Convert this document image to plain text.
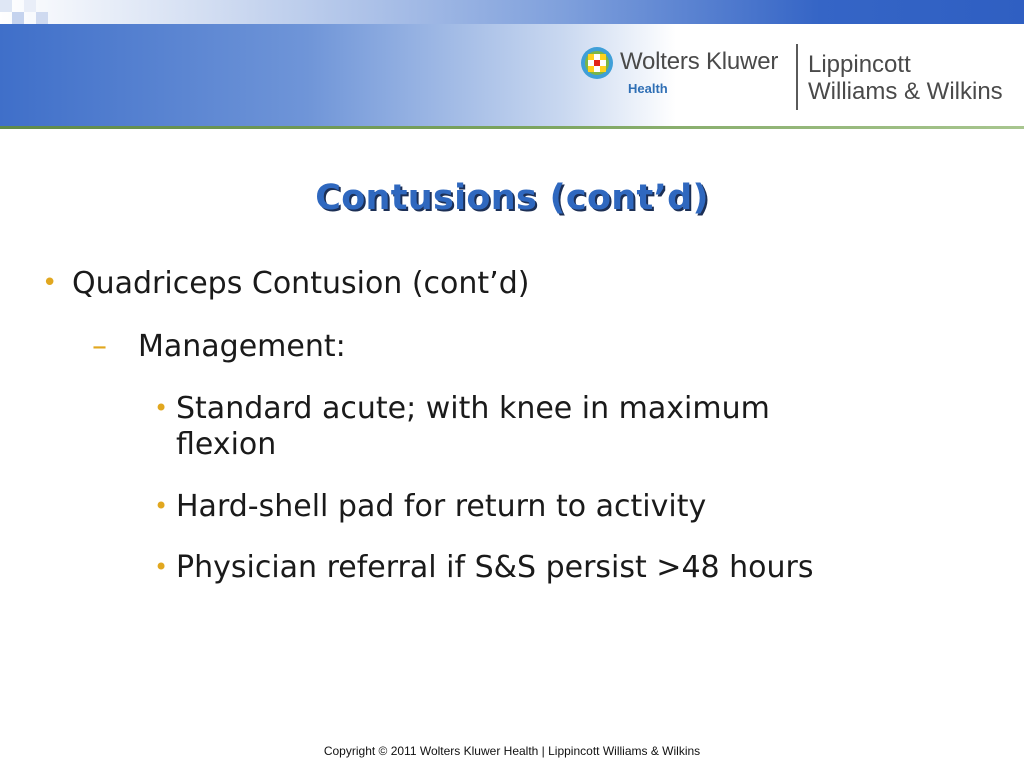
Wolters Kluwer
Health
Lippincott
Williams & Wilkins
Contusions (cont’d)
• Quadriceps Contusion (cont’d)
– Management:
• Standard acute; with knee in maximum
flexion
• Hard-shell pad for return to activity
• Physician referral if S&S persist >48 hours
Copyright © 2011 Wolters Kluwer Health | Lippincott Williams & Wilkins
